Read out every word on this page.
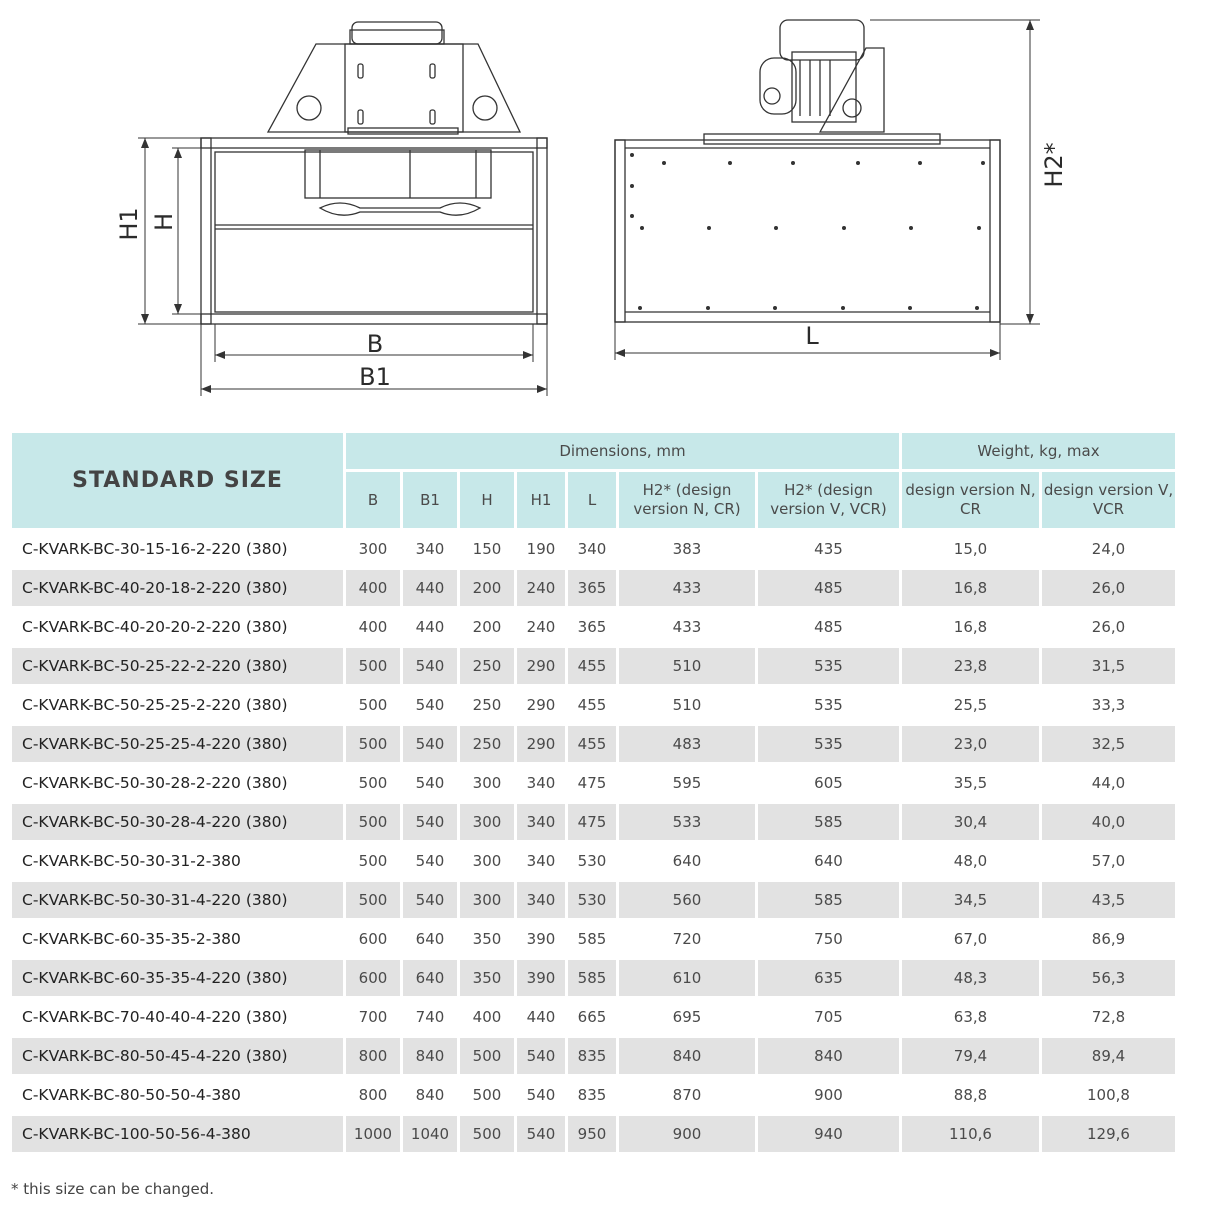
H1 H
B
B1
H2*
L
STANDARD SIZE	Dimensions, mm							Weight, kg, max	
	B	B1	H	H1	L	H2* (design version N, CR)	H2* (design version V, VCR)	design version N, CR	design version V, VCR
C-KVARK-BC-30-15-16-2-220 (380)	300	340	150	190	340	383	435	15,0	24,0
C-KVARK-BC-40-20-18-2-220 (380)	400	440	200	240	365	433	485	16,8	26,0
C-KVARK-BC-40-20-20-2-220 (380)	400	440	200	240	365	433	485	16,8	26,0
C-KVARK-BC-50-25-22-2-220 (380)	500	540	250	290	455	510	535	23,8	31,5
C-KVARK-BC-50-25-25-2-220 (380)	500	540	250	290	455	510	535	25,5	33,3
C-KVARK-BC-50-25-25-4-220 (380)	500	540	250	290	455	483	535	23,0	32,5
C-KVARK-BC-50-30-28-2-220 (380)	500	540	300	340	475	595	605	35,5	44,0
C-KVARK-BC-50-30-28-4-220 (380)	500	540	300	340	475	533	585	30,4	40,0
C-KVARK-BC-50-30-31-2-380	500	540	300	340	530	640	640	48,0	57,0
C-KVARK-BC-50-30-31-4-220 (380)	500	540	300	340	530	560	585	34,5	43,5
C-KVARK-BC-60-35-35-2-380	600	640	350	390	585	720	750	67,0	86,9
C-KVARK-BC-60-35-35-4-220 (380)	600	640	350	390	585	610	635	48,3	56,3
C-KVARK-BC-70-40-40-4-220 (380)	700	740	400	440	665	695	705	63,8	72,8
C-KVARK-BC-80-50-45-4-220 (380)	800	840	500	540	835	840	840	79,4	89,4
C-KVARK-BC-80-50-50-4-380	800	840	500	540	835	870	900	88,8	100,8
C-KVARK-BC-100-50-56-4-380	1000	1040	500	540	950	900	940	110,6	129,6
* this size can be changed.
